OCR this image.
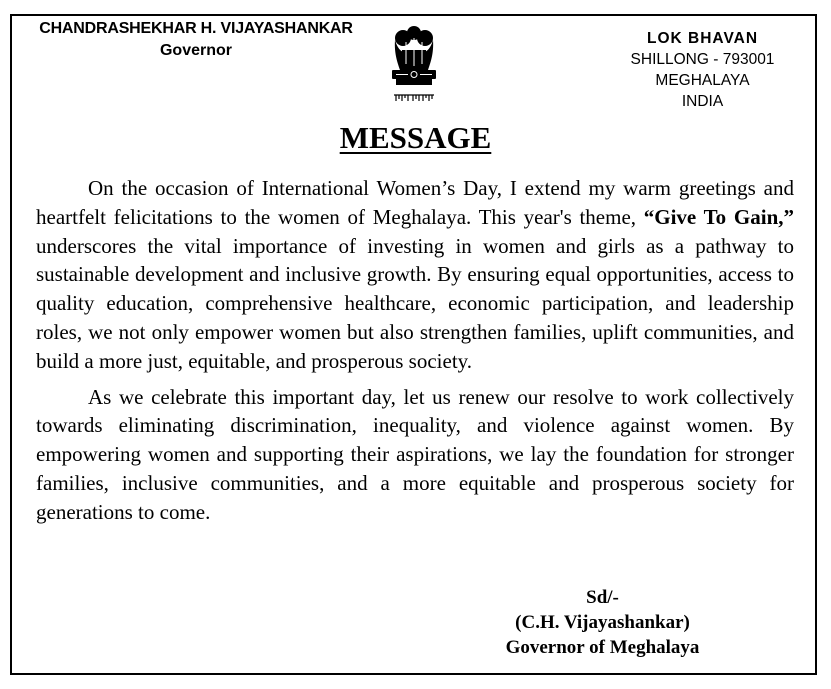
CHANDRASHEKHAR H. VIJAYASHANKAR
Governor
LOK BHAVAN
SHILLONG - 793001
MEGHALAYA
INDIA
MESSAGE

On the occasion of International Women’s Day, I extend my warm greetings and heartfelt felicitations to the women of Meghalaya. This year's theme, “Give To Gain,” underscores the vital importance of investing in women and girls as a pathway to sustainable development and inclusive growth. By ensuring equal opportunities, access to quality education, comprehensive healthcare, economic participation, and leadership roles, we not only empower women but also strengthen families, uplift communities, and build a more just, equitable, and prosperous society.

As we celebrate this important day, let us renew our resolve to work collectively towards eliminating discrimination, inequality, and violence against women. By empowering women and supporting their aspirations, we lay the foundation for stronger families, inclusive communities, and a more equitable and prosperous society for generations to come.

Sd/-
(C.H. Vijayashankar)
Governor of Meghalaya
